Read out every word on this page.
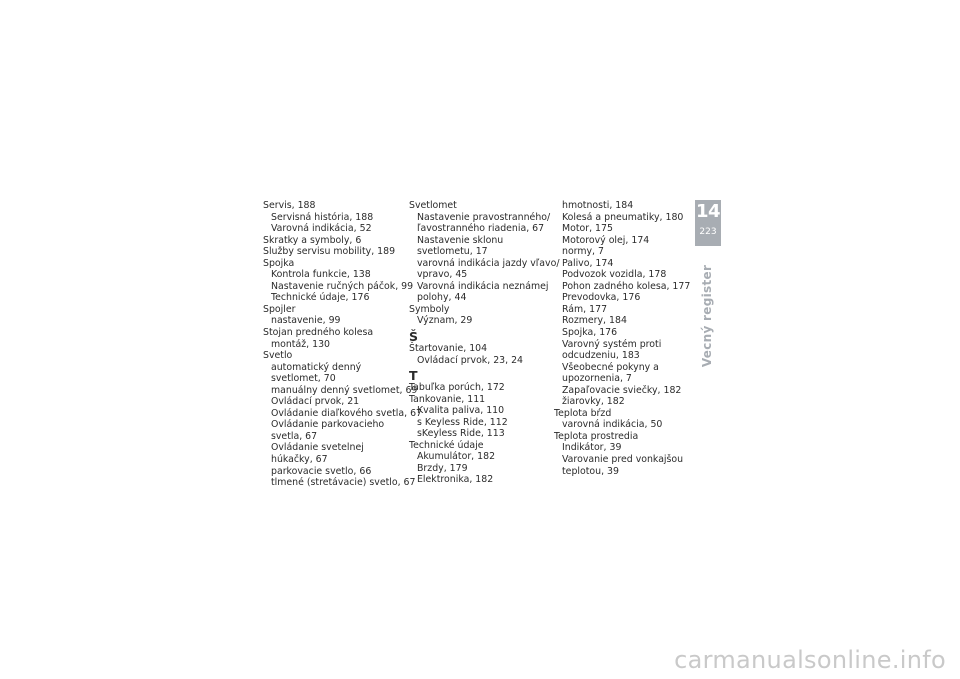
Servis, 188
Servisná história, 188
Varovná indikácia, 52
Skratky a symboly, 6
Služby servisu mobility, 189
Spojka
Kontrola funkcie, 138
Nastavenie ručných páčok, 99
Technické údaje, 176
Spojler
nastavenie, 99
Stojan predného kolesa
montáž, 130
Svetlo
automatický denný
svetlomet, 70
manuálny denný svetlomet, 69
Ovládací prvok, 21
Ovládanie diaľkového svetla, 67
Ovládanie parkovacieho
svetla, 67
Ovládanie svetelnej
húkačky, 67
parkovacie svetlo, 66
tlmené (stretávacie) svetlo, 67
Svetlomet
Nastavenie pravostranného/
ľavostranného riadenia, 67
Nastavenie sklonu
svetlometu, 17
varovná indikácia jazdy vľavo/
vpravo, 45
Varovná indikácia neznámej
polohy, 44
Symboly
Význam, 29
Š
Štartovanie, 104
Ovládací prvok, 23, 24
T
Tabuľka porúch, 172
Tankovanie, 111
Kvalita paliva, 110
s Keyless Ride, 112
sKeyless Ride, 113
Technické údaje
Akumulátor, 182
Brzdy, 179
Elektronika, 182
hmotnosti, 184
Kolesá a pneumatiky, 180
Motor, 175
Motorový olej, 174
normy, 7
Palivo, 174
Podvozok vozidla, 178
Pohon zadného kolesa, 177
Prevodovka, 176
Rám, 177
Rozmery, 184
Spojka, 176
Varovný systém proti
odcudzeniu, 183
Všeobecné pokyny a
upozornenia, 7
Zapaľovacie sviečky, 182
žiarovky, 182
Teplota bŕzd
varovná indikácia, 50
Teplota prostredia
Indikátor, 39
Varovanie pred vonkajšou
teplotou, 39
14
223
Vecný register
carmanualsonline.info
